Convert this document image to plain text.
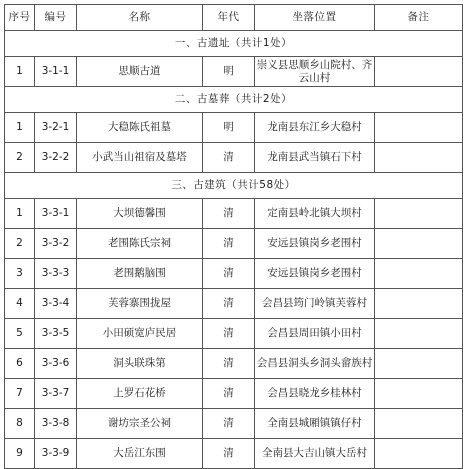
序号	编号	名称	年代	坐落位置	备注
一、古遗址（共计1处）					
1	3-1-1	思顺古道	明	崇义县思顺乡山院村、齐云山村	
二、古墓葬（共计2处）					
1	3-2-1	大稳陈氏祖墓	明	龙南县东江乡大稳村	
2	3-2-2	小武当山祖宿及墓塔	清	龙南县武当镇石下村	
三、古建筑（共计58处）					
1	3-3-1	大坝德馨围	清	定南县岭北镇大坝村	
2	3-3-2	老围陈氏宗祠	清	安远县镇岗乡老围村	
3	3-3-3	老围鹅脑围	清	安远县镇岗乡老围村	
4	3-3-4	芙蓉寨围拢屋	清	会昌县筠门岭镇芙蓉村	
5	3-3-5	小田硕宽庐民居	清	会昌县周田镇小田村	
6	3-3-6	洞头联珠第	清	会昌县洞头乡洞头畲族村	
7	3-3-7	上罗石花桥	清	会昌县晓龙乡桂林村	
8	3-3-8	谢坊宗圣公祠	清	全南县城厢镇镇仔村	
9	3-3-9	大岳江东围	清	全南县大吉山镇大岳村	
